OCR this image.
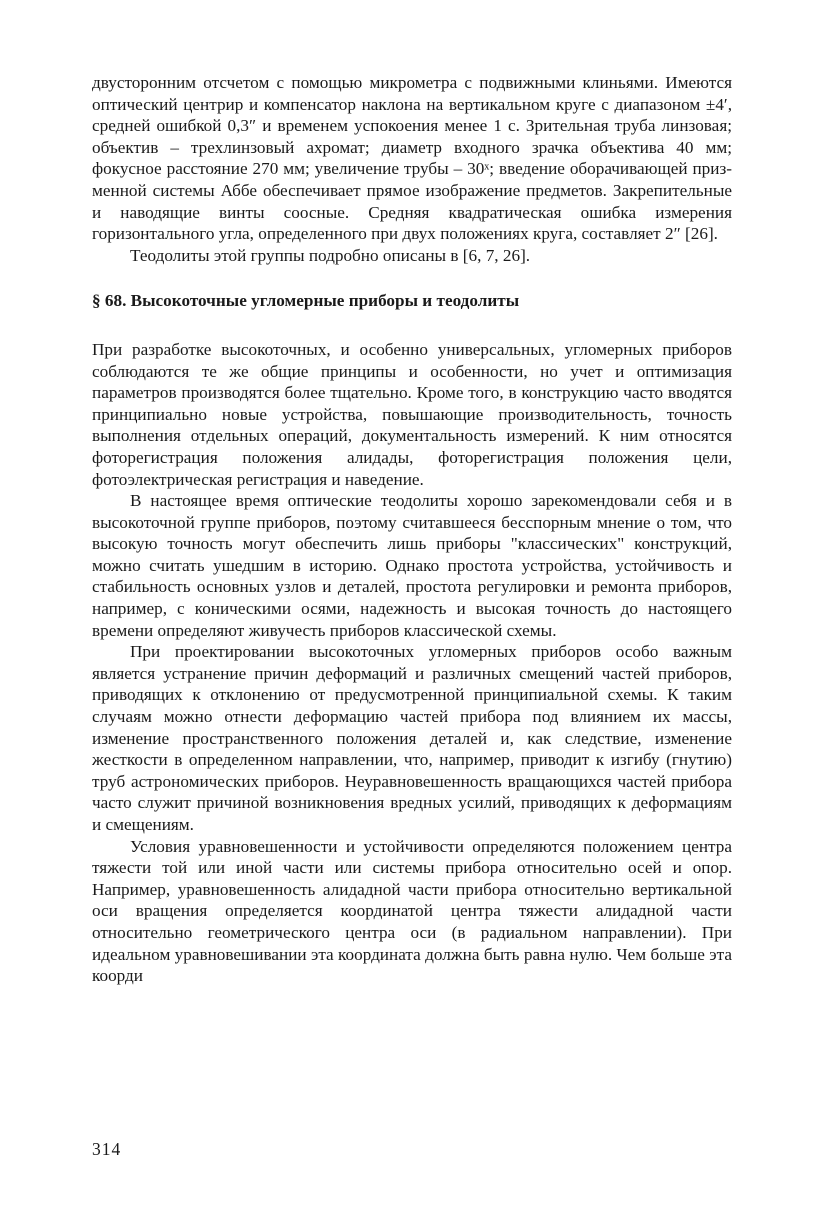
двусторонним отсчетом с помощью микрометра с подвижными клиньями. Имеются оптический центрир и компенсатор наклона на вертикальном круге с диапазоном ±4′, средней ошибкой 0,3″ и временем успокоения менее 1 с. Зрительная труба линзовая; объектив – трехлинзовый ахромат; диаметр входного зрачка объектива 40 мм; фокусное расстояние 270 мм; увеличение трубы – 30ˣ; введение оборачивающей призменной системы Аббе обеспечивает прямое изображение предметов. Закрепительные и наводящие винты соосные. Средняя квадратическая ошибка измерения горизонтального угла, определенного при двух положениях круга, составляет 2″ [26].

Теодолиты этой группы подробно описаны в [6, 7, 26].

§ 68. Высокоточные угломерные приборы и теодолиты

При разработке высокоточных, и особенно универсальных, угломерных приборов соблюдаются те же общие принципы и особенности, но учет и оптимизация параметров производятся более тщательно. Кроме того, в конструкцию часто вводятся принципиально новые устройства, повышающие производительность, точность выполнения отдельных операций, документальность измерений. К ним относятся фоторегистрация положения алидады, фоторегистрация положения цели, фотоэлектрическая регистрация и наведение.

В настоящее время оптические теодолиты хорошо зарекомендовали себя и в высокоточной группе приборов, поэтому считавшееся бесспорным мнение о том, что высокую точность могут обеспечить лишь приборы "классических" конструкций, можно считать ушедшим в историю. Однако простота устройства, устойчивость и стабильность основных узлов и деталей, простота регулировки и ремонта приборов, например, с коническими осями, надежность и высокая точность до настоящего времени определяют живучесть приборов классической схемы.

При проектировании высокоточных угломерных приборов особо важным является устранение причин деформаций и различных смещений частей приборов, приводящих к отклонению от предусмотренной принципиальной схемы. К таким случаям можно отнести деформацию частей прибора под влиянием их массы, изменение пространственного положения деталей и, как следствие, изменение жесткости в определенном направлении, что, например, приводит к изгибу (гнутию) труб астрономических приборов. Неуравновешенность вращающихся частей прибора часто служит причиной возникновения вредных усилий, приводящих к деформациям и смещениям.

Условия уравновешенности и устойчивости определяются положением центра тяжести той или иной части или системы прибора относительно осей и опор. Например, уравновешенность алидадной части прибора относительно вертикальной оси вращения определяется координатой центра тяжести алидадной части относительно геометрического центра оси (в радиальном направлении). При идеальном уравновешивании эта координата должна быть равна нулю. Чем больше эта коорди

314
